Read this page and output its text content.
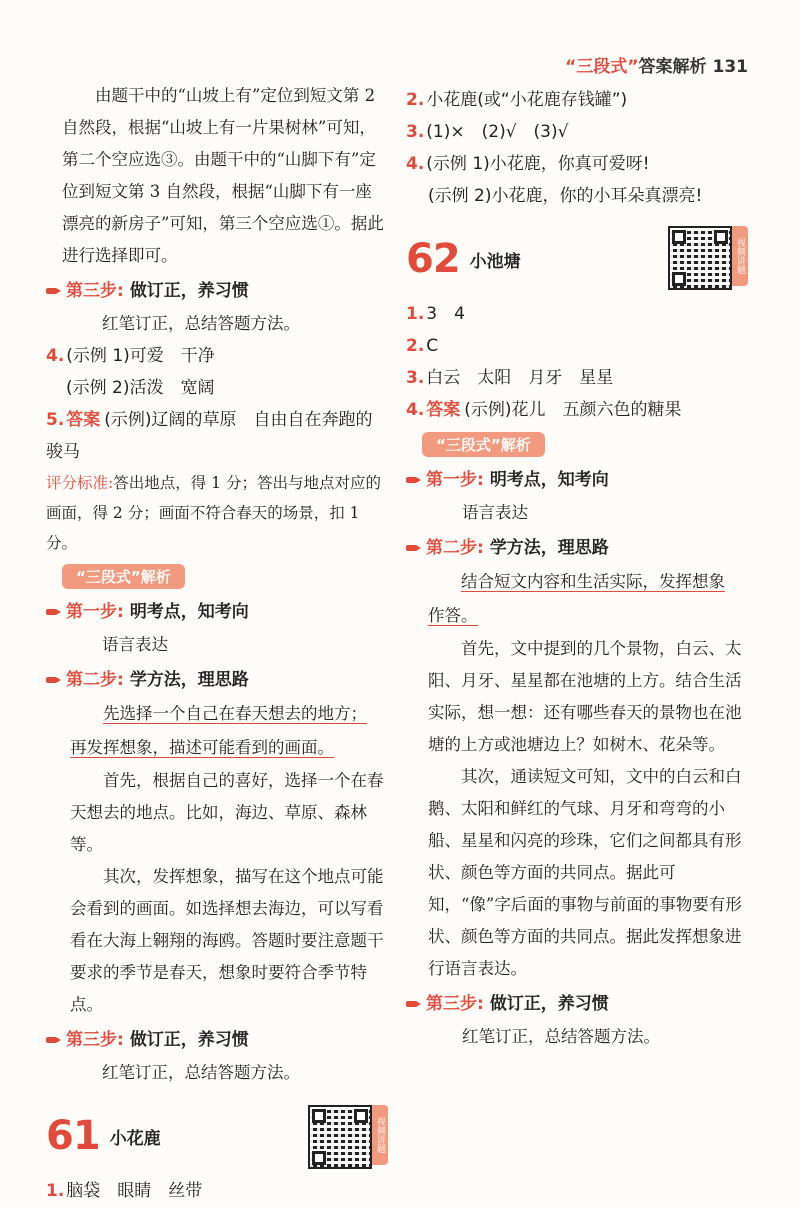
“三段式”答案解析 131

由题干中的“山坡上有”定位到短文第 2 自然段，根据“山坡上有一片果树林”可知，第二个空应选③。由题干中的“山脚下有”定位到短文第 3 自然段，根据“山脚下有一座漂亮的新房子”可知，第三个空应选①。据此进行选择即可。

第三步: 做订正，养习惯

红笔订正，总结答题方法。

4. (示例 1)可爱　干净

(示例 2)活泼　宽阔

5. 答案 (示例)辽阔的草原　自由自在奔跑的骏马

评分标准:答出地点，得 1 分；答出与地点对应的画面，得 2 分；画面不符合春天的场景，扣 1 分。

“三段式”解析
第一步: 明考点，知考向

语言表达

第二步: 学方法，理思路

先选择一个自己在春天想去的地方；
再发挥想象，描述可能看到的画面。

首先，根据自己的喜好，选择一个在春天想去的地点。比如，海边、草原、森林等。

其次，发挥想象，描写在这个地点可能会看到的画面。如选择想去海边，可以写看看在大海上翱翔的海鸥。答题时要注意题干要求的季节是春天，想象时要符合季节特点。

第三步: 做订正，养习惯

红笔订正，总结答题方法。

61 小花鹿	视频讲题

1. 脑袋　眼睛　丝带

2. 小花鹿(或“小花鹿存钱罐”)

3. (1)×　(2)√　(3)√

4. (示例 1)小花鹿，你真可爱呀!

(示例 2)小花鹿，你的小耳朵真漂亮!

62 小池塘	视频讲题

1. 3　4

2. C

3. 白云　太阳　月牙　星星

4. 答案 (示例)花儿　五颜六色的糖果

“三段式”解析
第一步: 明考点，知考向

语言表达

第二步: 学方法，理思路

结合短文内容和生活实际，发挥想象
作答。

首先，文中提到的几个景物，白云、太阳、月牙、星星都在池塘的上方。结合生活实际，想一想：还有哪些春天的景物也在池塘的上方或池塘边上？如树木、花朵等。

其次，通读短文可知，文中的白云和白鹅、太阳和鲜红的气球、月牙和弯弯的小船、星星和闪亮的珍珠，它们之间都具有形状、颜色等方面的共同点。据此可知，“像”字后面的事物与前面的事物要有形状、颜色等方面的共同点。据此发挥想象进行语言表达。

第三步: 做订正，养习惯

红笔订正，总结答题方法。
